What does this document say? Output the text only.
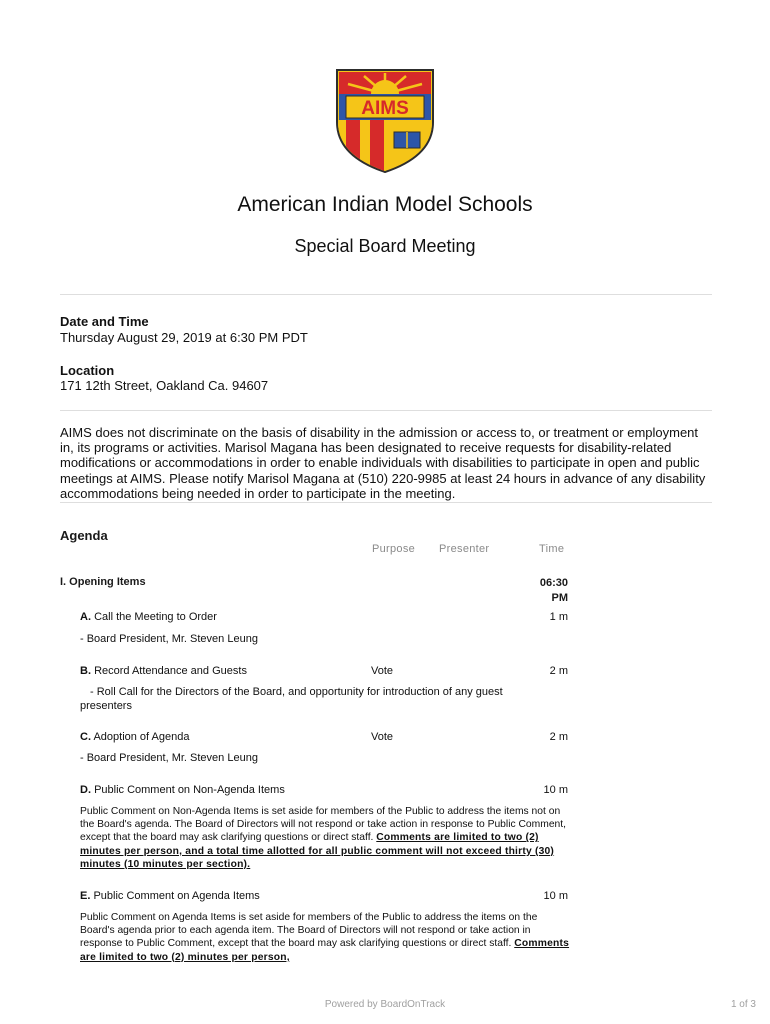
AIMS
American Indian Model Schools
Special Board Meeting
Date and Time
Thursday August 29, 2019 at 6:30 PM PDT
Location
171 12th Street, Oakland Ca. 94607
AIMS does not discriminate on the basis of disability in the admission or access to, or treatment or employment in, its programs or activities. Marisol Magana has been designated to receive requests for disability-related modifications or accommodations in order to enable individuals with disabilities to participate in open and public meetings at AIMS. Please notify Marisol Magana at (510) 220-9985 at least 24 hours in advance of any disability accommodations being needed in order to participate in the meeting.
Agenda
Purpose Presenter	Time
I. Opening Items	06:30
PM
A. Call the Meeting to Order	1 m
- Board President, Mr. Steven Leung
B. Record Attendance and Guests	Vote	2 m
- Roll Call for the Directors of the Board, and opportunity for introduction of any guest
presenters
C. Adoption of Agenda	Vote	2 m
- Board President, Mr. Steven Leung
D. Public Comment on Non-Agenda Items	10 m
Public Comment on Non-Agenda Items is set aside for members of the Public to address the items not on the Board's agenda. The Board of Directors will not respond or take action in response to Public Comment, except that the board may ask clarifying questions or direct staff. Comments are limited to two (2) minutes per person, and a total time allotted for all public comment will not exceed thirty (30) minutes (10 minutes per section).
E. Public Comment on Agenda Items	10 m
Public Comment on Agenda Items is set aside for members of the Public to address the items on the Board's agenda prior to each agenda item. The Board of Directors will not respond or take action in response to Public Comment, except that the board may ask clarifying questions or direct staff. Comments are limited to two (2) minutes per person,
Powered by BoardOnTrack	1 of 3
